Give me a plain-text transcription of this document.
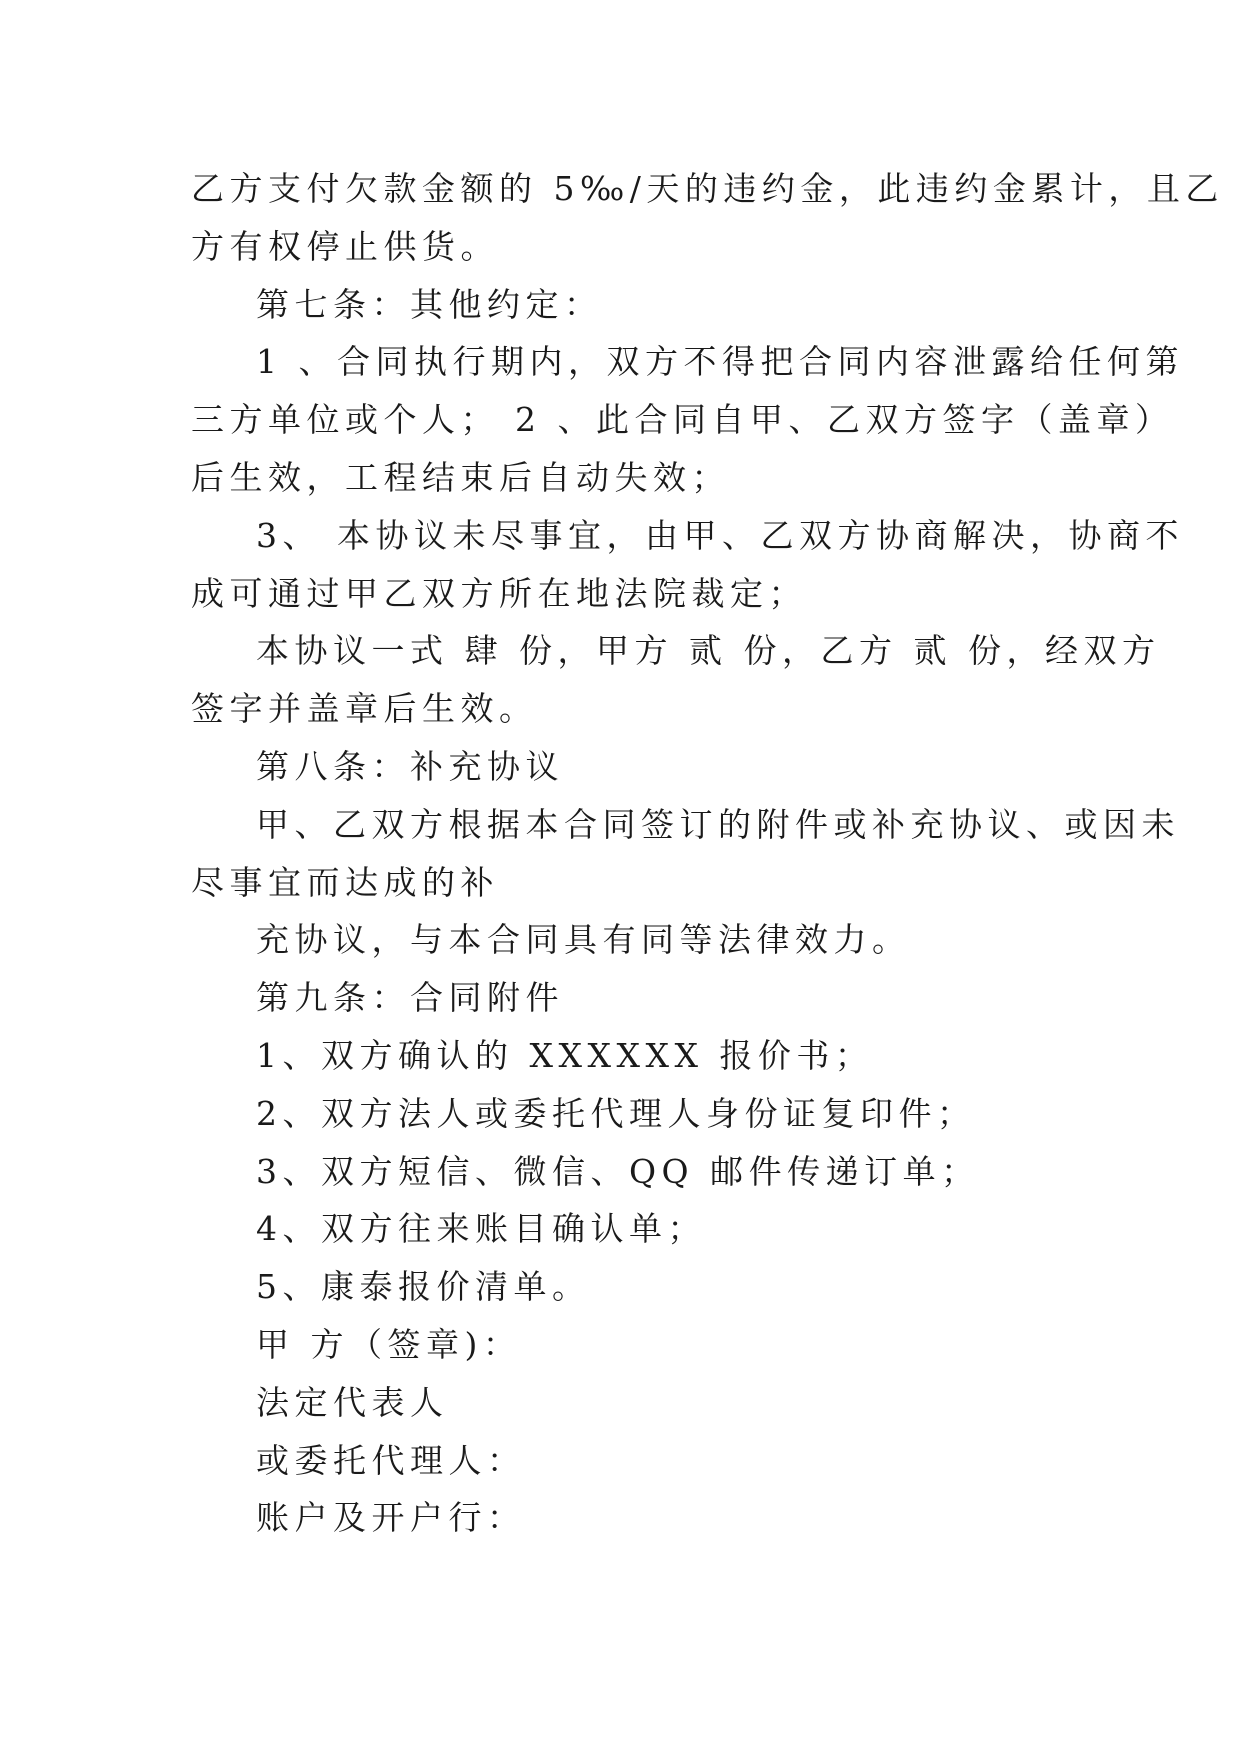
乙方支付欠款金额的 5‰/天的违约金，此违约金累计，且乙
方有权停止供货。
第七条：其他约定：
1 、合同执行期内，双方不得把合同内容泄露给任何第
三方单位或个人； 2 、此合同自甲、乙双方签字（盖章）
后生效，工程结束后自动失效；
3、 本协议未尽事宜，由甲、乙双方协商解决，协商不
成可通过甲乙双方所在地法院裁定；
本协议一式 肆 份，甲方 贰 份，乙方 贰 份，经双方
签字并盖章后生效。
第八条：补充协议
甲、乙双方根据本合同签订的附件或补充协议、或因未
尽事宜而达成的补
充协议，与本合同具有同等法律效力。
第九条：合同附件
1、双方确认的 XXXXXX 报价书；
2、双方法人或委托代理人身份证复印件；
3、双方短信、微信、QQ 邮件传递订单；
4、双方往来账目确认单；
5、康泰报价清单。
甲 方（签章)：
法定代表人
或委托代理人：
账户及开户行：
